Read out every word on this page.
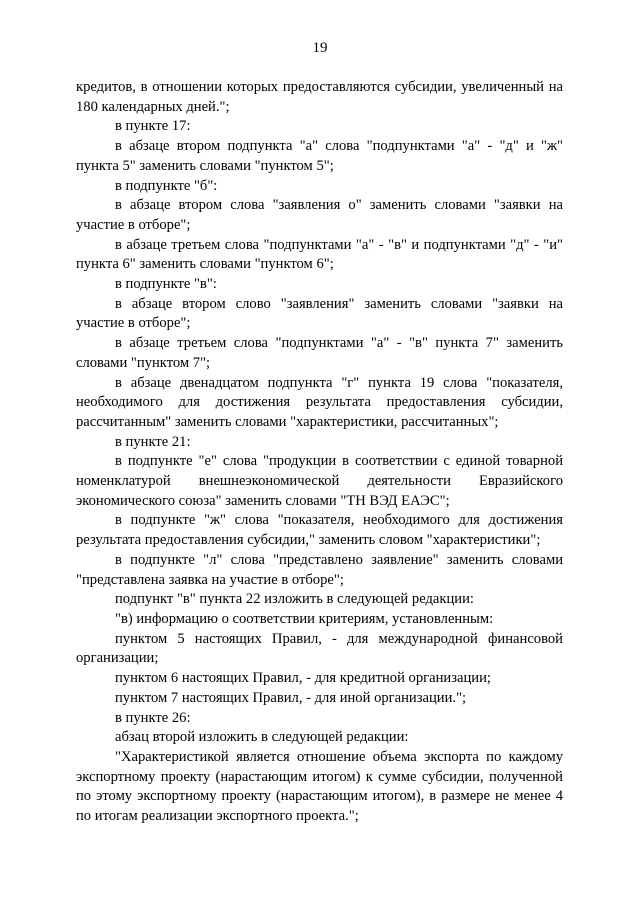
19

кредитов, в отношении которых предоставляются субсидии, увеличенный на 180 календарных дней.";

в пункте 17:

в абзаце втором подпункта "а" слова "подпунктами "а" - "д" и "ж" пункта 5" заменить словами "пунктом 5";

в подпункте "б":

в абзаце втором слова "заявления о" заменить словами "заявки на участие в отборе";

в абзаце третьем слова "подпунктами "а" - "в" и подпунктами "д" - "и" пункта 6" заменить словами "пунктом 6";

в подпункте "в":

в абзаце втором слово "заявления" заменить словами "заявки на участие в отборе";

в абзаце третьем слова "подпунктами "а" - "в" пункта 7" заменить словами "пунктом 7";

в абзаце двенадцатом подпункта "г" пункта 19 слова "показателя, необходимого для достижения результата предоставления субсидии, рассчитанным" заменить словами "характеристики, рассчитанных";

в пункте 21:

в подпункте "е" слова "продукции в соответствии с единой товарной номенклатурой внешнеэкономической деятельности Евразийского экономического союза" заменить словами "ТН ВЭД ЕАЭС";

в подпункте "ж" слова "показателя, необходимого для достижения результата предоставления субсидии," заменить словом "характеристики";

в подпункте "л" слова "представлено заявление" заменить словами "представлена заявка на участие в отборе";

подпункт "в" пункта 22 изложить в следующей редакции:

"в) информацию о соответствии критериям, установленным:

пунктом 5 настоящих Правил, - для международной финансовой организации;

пунктом 6 настоящих Правил, - для кредитной организации;

пунктом 7 настоящих Правил, - для иной организации.";

в пункте 26:

абзац второй изложить в следующей редакции:

"Характеристикой является отношение объема экспорта по каждому экспортному проекту (нарастающим итогом) к сумме субсидии, полученной по этому экспортному проекту (нарастающим итогом), в размере не менее 4 по итогам реализации экспортного проекта.";
